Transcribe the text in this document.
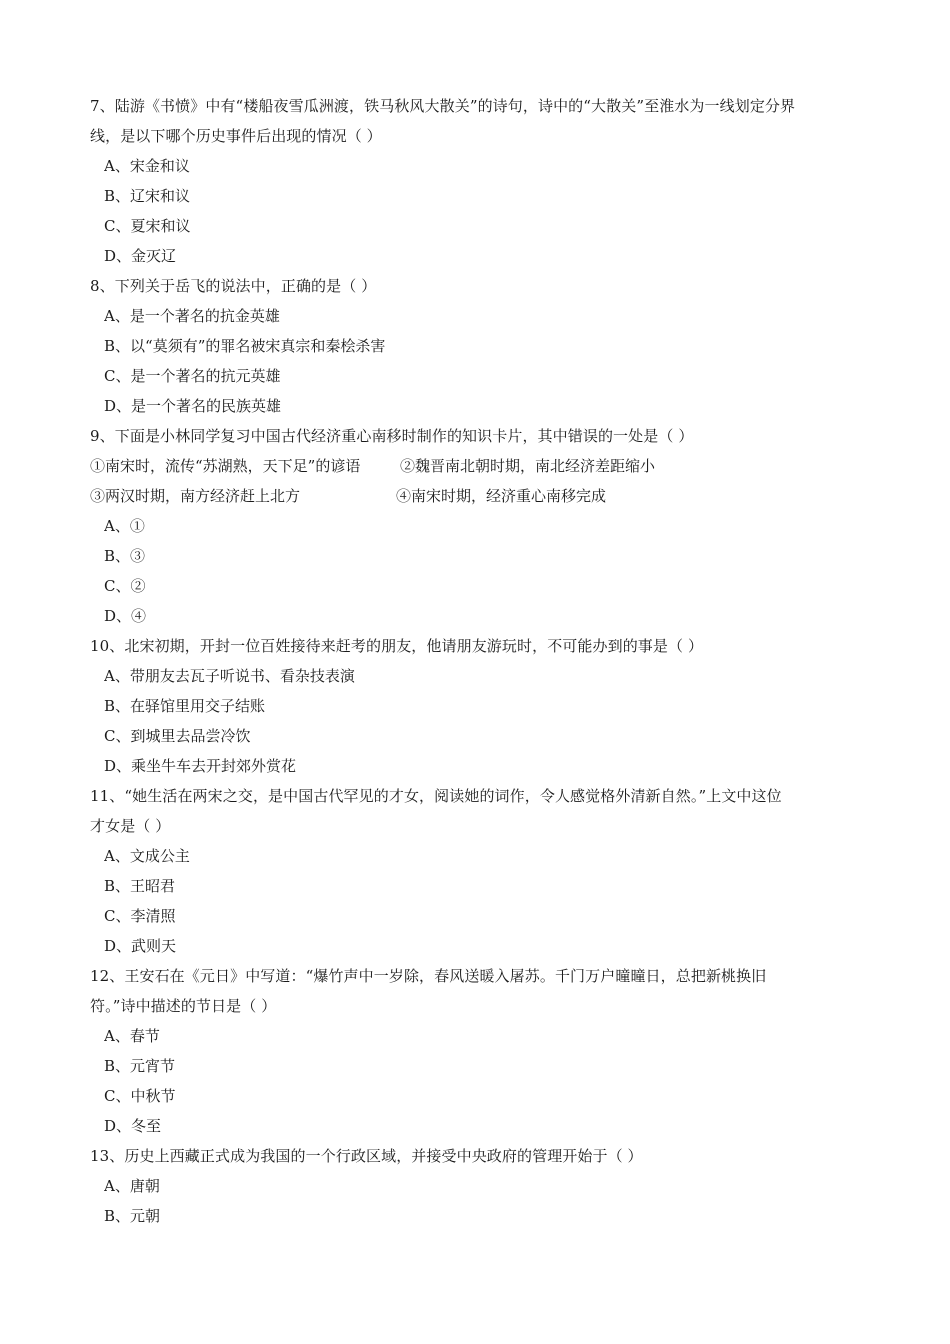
7、陆游《书愤》中有“楼船夜雪瓜洲渡，铁马秋风大散关”的诗句，诗中的“大散关”至淮水为一线划定分界
线，是以下哪个历史事件后出现的情况（ ）
A、宋金和议
B、辽宋和议
C、夏宋和议
D、金灭辽
8、下列关于岳飞的说法中，正确的是（ ）
A、是一个著名的抗金英雄
B、以“莫须有”的罪名被宋真宗和秦桧杀害
C、是一个著名的抗元英雄
D、是一个著名的民族英雄
9、下面是小林同学复习中国古代经济重心南移时制作的知识卡片，其中错误的一处是（ ）
①南宋时，流传“苏湖熟，天下足”的谚语	②魏晋南北朝时期，南北经济差距缩小
③两汉时期，南方经济赶上北方	④南宋时期，经济重心南移完成
A、①
B、③
C、②
D、④
10、北宋初期，开封一位百姓接待来赶考的朋友，他请朋友游玩时，不可能办到的事是（ ）
A、带朋友去瓦子听说书、看杂技表演
B、在驿馆里用交子结账
C、到城里去品尝冷饮
D、乘坐牛车去开封郊外赏花
11、“她生活在两宋之交，是中国古代罕见的才女，阅读她的词作，令人感觉格外清新自然。”上文中这位
才女是（ ）
A、文成公主
B、王昭君
C、李清照
D、武则天
12、王安石在《元日》中写道：“爆竹声中一岁除，春风送暖入屠苏。千门万户曈曈日，总把新桃换旧
符。”诗中描述的节日是（ ）
A、春节
B、元宵节
C、中秋节
D、冬至
13、历史上西藏正式成为我国的一个行政区域，并接受中央政府的管理开始于（ ）
A、唐朝
B、元朝
